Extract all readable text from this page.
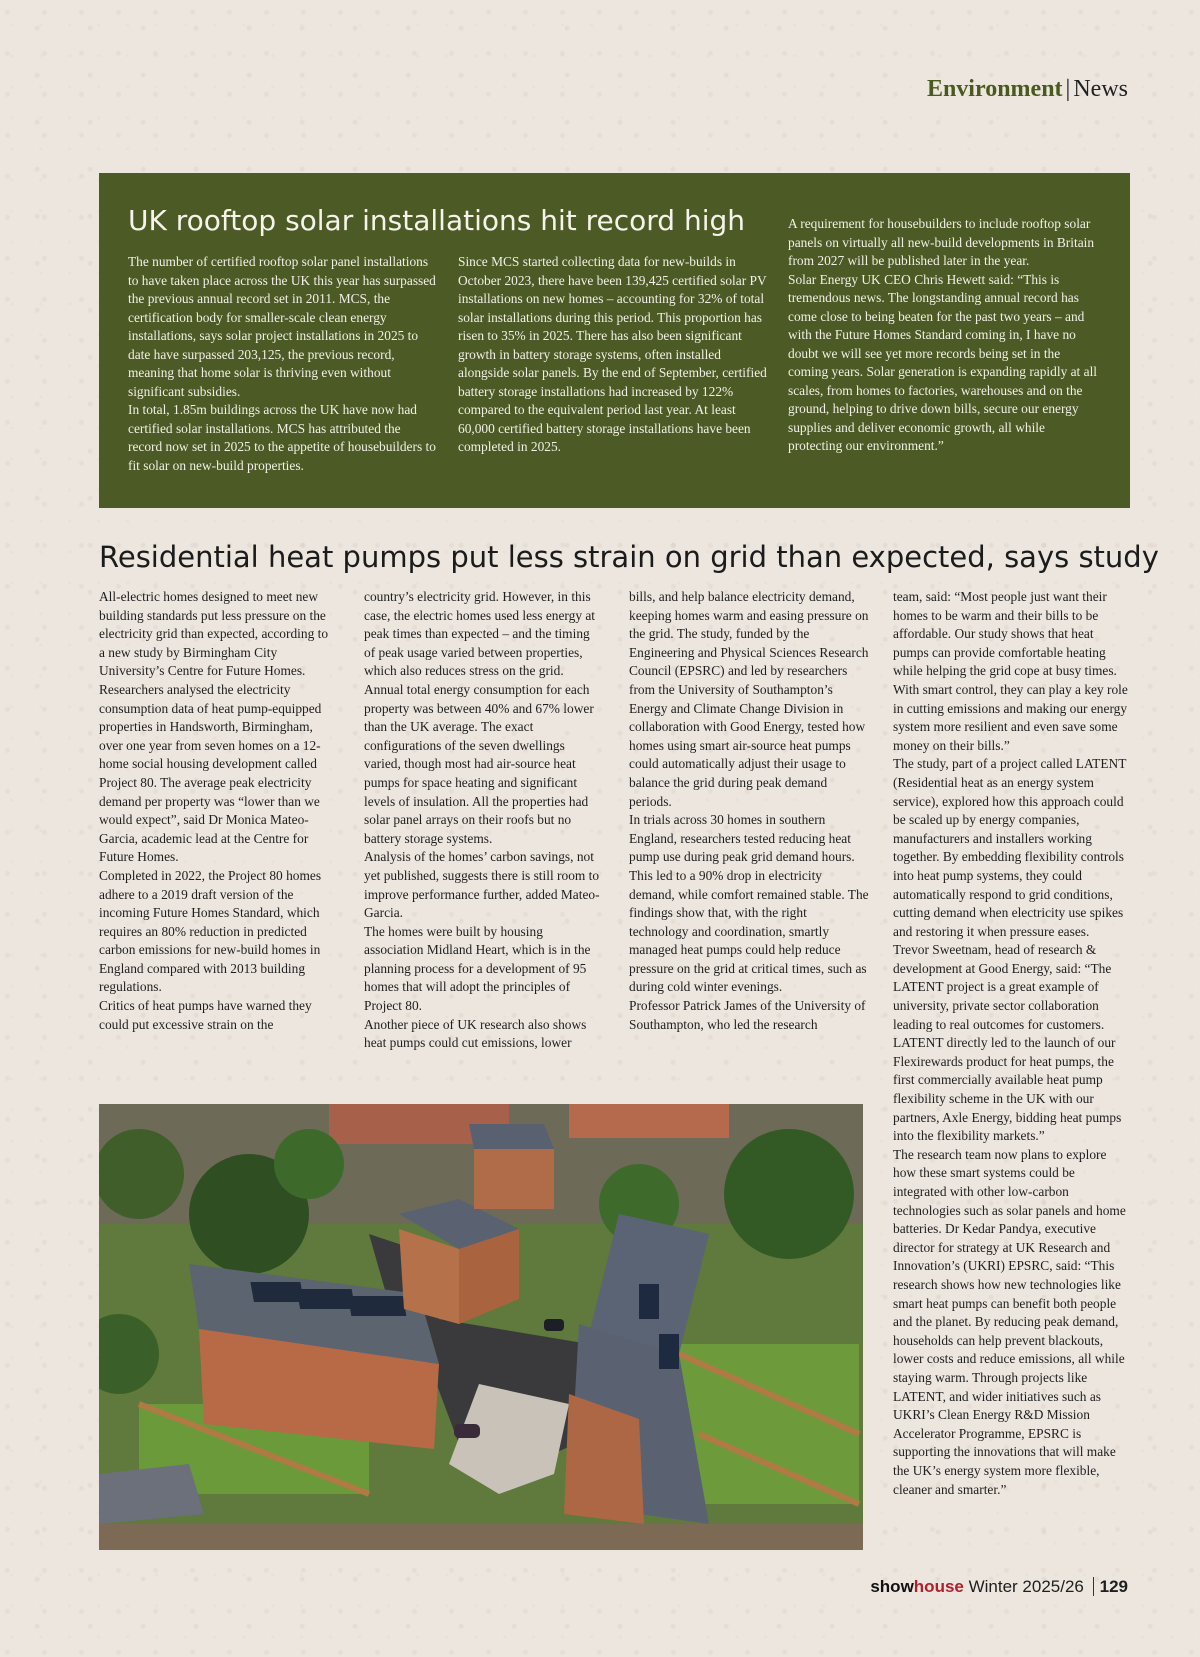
Environment | News
UK rooftop solar installations hit record high

The number of certified rooftop solar panel installations to have taken place across the UK this year has surpassed the previous annual record set in 2011. MCS, the certification body for smaller-scale clean energy installations, says solar project installations in 2025 to date have surpassed 203,125, the previous record, meaning that home solar is thriving even without significant subsidies.

In total, 1.85m buildings across the UK have now had certified solar installations. MCS has attributed the record now set in 2025 to the appetite of housebuilders to fit solar on new-build properties.

Since MCS started collecting data for new-builds in October 2023, there have been 139,425 certified solar PV installations on new homes – accounting for 32% of total solar installations during this period. This proportion has risen to 35% in 2025. There has also been significant growth in battery storage systems, often installed alongside solar panels. By the end of September, certified battery storage installations had increased by 122% compared to the equivalent period last year. At least 60,000 certified battery storage installations have been completed in 2025.

A requirement for housebuilders to include rooftop solar panels on virtually all new-build developments in Britain from 2027 will be published later in the year.

Solar Energy UK CEO Chris Hewett said: “This is tremendous news. The longstanding annual record has come close to being beaten for the past two years – and with the Future Homes Standard coming in, I have no doubt we will see yet more records being set in the coming years. Solar generation is expanding rapidly at all scales, from homes to factories, warehouses and on the ground, helping to drive down bills, secure our energy supplies and deliver economic growth, all while protecting our environment.”

Residential heat pumps put less strain on grid than expected, says study

All-electric homes designed to meet new building standards put less pressure on the electricity grid than expected, according to a new study by Birmingham City University’s Centre for Future Homes.

Researchers analysed the electricity consumption data of heat pump-equipped properties in Handsworth, Birmingham, over one year from seven homes on a 12-home social housing development called Project 80. The average peak electricity demand per property was “lower than we would expect”, said Dr Monica Mateo-Garcia, academic lead at the Centre for Future Homes.

Completed in 2022, the Project 80 homes adhere to a 2019 draft version of the incoming Future Homes Standard, which requires an 80% reduction in predicted carbon emissions for new-build homes in England compared with 2013 building regulations.

Critics of heat pumps have warned they could put excessive strain on the

country’s electricity grid. However, in this case, the electric homes used less energy at peak times than expected – and the timing of peak usage varied between properties, which also reduces stress on the grid. Annual total energy consumption for each property was between 40% and 67% lower than the UK average. The exact configurations of the seven dwellings varied, though most had air-source heat pumps for space heating and significant levels of insulation. All the properties had solar panel arrays on their roofs but no battery storage systems.

Analysis of the homes’ carbon savings, not yet published, suggests there is still room to improve performance further, added Mateo-Garcia.

The homes were built by housing association Midland Heart, which is in the planning process for a development of 95 homes that will adopt the principles of Project 80.

Another piece of UK research also shows heat pumps could cut emissions, lower

bills, and help balance electricity demand, keeping homes warm and easing pressure on the grid. The study, funded by the Engineering and Physical Sciences Research Council (EPSRC) and led by researchers from the University of Southampton’s Energy and Climate Change Division in collaboration with Good Energy, tested how homes using smart air-source heat pumps could automatically adjust their usage to balance the grid during peak demand periods.

In trials across 30 homes in southern England, researchers tested reducing heat pump use during peak grid demand hours. This led to a 90% drop in electricity demand, while comfort remained stable. The findings show that, with the right technology and coordination, smartly managed heat pumps could help reduce pressure on the grid at critical times, such as during cold winter evenings.

Professor Patrick James of the University of Southampton, who led the research

team, said: “Most people just want their homes to be warm and their bills to be affordable. Our study shows that heat pumps can provide comfortable heating while helping the grid cope at busy times. With smart control, they can play a key role in cutting emissions and making our energy system more resilient and even save some money on their bills.”

The study, part of a project called LATENT (Residential heat as an energy system service), explored how this approach could be scaled up by energy companies, manufacturers and installers working together. By embedding flexibility controls into heat pump systems, they could automatically respond to grid conditions, cutting demand when electricity use spikes and restoring it when pressure eases.

Trevor Sweetnam, head of research & development at Good Energy, said: “The LATENT project is a great example of university, private sector collaboration leading to real outcomes for customers. LATENT directly led to the launch of our Flexirewards product for heat pumps, the first commercially available heat pump flexibility scheme in the UK with our partners, Axle Energy, bidding heat pumps into the flexibility markets.”

The research team now plans to explore how these smart systems could be integrated with other low-carbon technologies such as solar panels and home batteries. Dr Kedar Pandya, executive director for strategy at UK Research and Innovation’s (UKRI) EPSRC, said: “This research shows how new technologies like smart heat pumps can benefit both people and the planet. By reducing peak demand, households can help prevent blackouts, lower costs and reduce emissions, all while staying warm. Through projects like LATENT, and wider initiatives such as UKRI’s Clean Energy R&D Mission Accelerator Programme, EPSRC is supporting the innovations that will make the UK’s energy system more flexible, cleaner and smarter.”

showhouse Winter 2025/26 129
